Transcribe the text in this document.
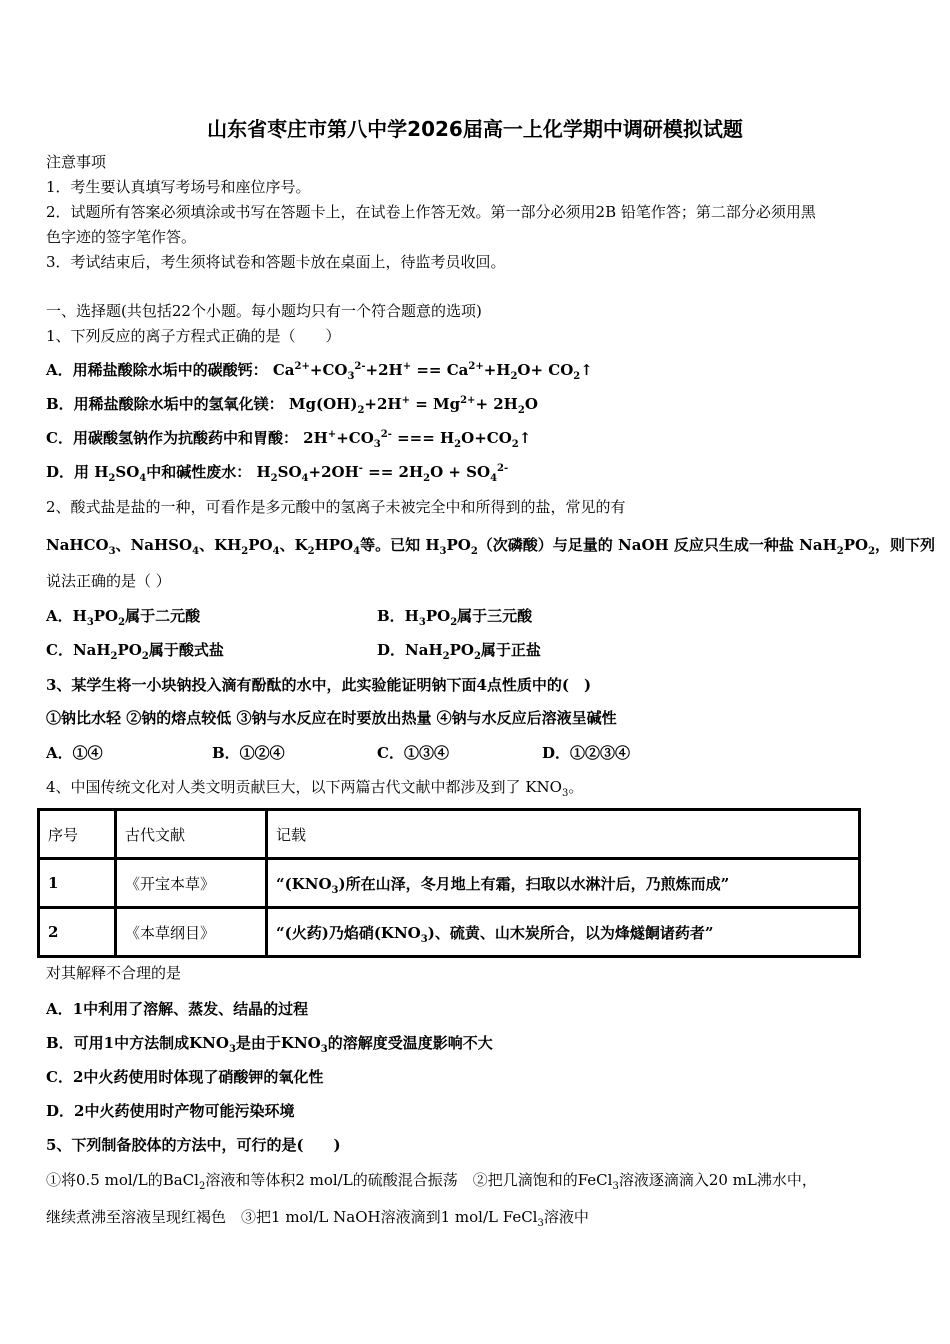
山东省枣庄市第八中学2026届高一上化学期中调研模拟试题
注意事项
1．考生要认真填写考场号和座位序号。
2．试题所有答案必须填涂或书写在答题卡上，在试卷上作答无效。第一部分必须用2B 铅笔作答；第二部分必须用黑
色字迹的签字笔作答。
3．考试结束后，考生须将试卷和答题卡放在桌面上，待监考员收回。
一、选择题(共包括22个小题。每小题均只有一个符合题意的选项)
1、下列反应的离子方程式正确的是（　　）
A．用稀盐酸除水垢中的碳酸钙： $Ca^{2+}+CO_3^{2-}+2H^+ == Ca^{2+}+H_2O+$ $CO_2↑$
B．用稀盐酸除水垢中的氢氧化镁： $Mg(OH)_2+2H^+ = Mg^{2+}+ 2H_2O$
C．用碳酸氢钠作为抗酸药中和胃酸： $2H^++CO_3^{2-}$ === $H_2O+CO_2↑$
D．用 $H_2SO_4$中和碱性废水： $H_2SO_4+2OH^- == 2H_2O + SO_4^{2-}$
2、酸式盐是盐的一种，可看作是多元酸中的氢离子未被完全中和所得到的盐，常见的有
NaHCO$_3$、NaHSO$_4$、$KH_2PO_4$、$K_2HPO_4$等。已知 $H_3PO_2$（次磷酸）与足量的 NaOH 反应只生成一种盐 $NaH_2PO_2$，则下列
说法正确的是（ ）
A．$H_3PO_2$属于二元酸	B．$H_3PO_2$属于三元酸
C．$NaH_2PO_2$属于酸式盐	D．$NaH_2PO_2$属于正盐
3、某学生将一小块钠投入滴有酚酞的水中，此实验能证明钠下面4点性质中的(　)
①钠比水轻 ②钠的熔点较低 ③钠与水反应在时要放出热量 ④钠与水反应后溶液呈碱性
A．①④	B．①②④	C．①③④	D．①②③④
4、中国传统文化对人类文明贡献巨大，以下两篇古代文献中都涉及到了 $KNO_3$。
序号	古代文献	记载
1	《开宝本草》	“$(KNO_3)$所在山泽，冬月地上有霜，扫取以水淋汁后，乃煎炼而成”
2	《本草纲目》	“(火药)乃焰硝$(KNO_3)$、硫黄、山木炭所合，以为烽燧餇诸药者”
对其解释不合理的是
A．1中利用了溶解、蒸发、结晶的过程
B．可用1中方法制成$KNO_3$是由于$KNO_3$的溶解度受温度影响不大
C．2中火药使用时体现了硝酸钾的氧化性
D．2中火药使用时产物可能污染环境
5、下列制备胶体的方法中，可行的是(　　)
①将0.5 mol/L的BaCl$_2$溶液和等体积2 mol/L的硫酸混合振荡　②把几滴饱和的FeCl$_3$溶液逐滴滴入20 mL沸水中，
继续煮沸至溶液呈现红褐色　③把1 mol/L NaOH溶液滴到1 mol/L FeCl$_3$溶液中
